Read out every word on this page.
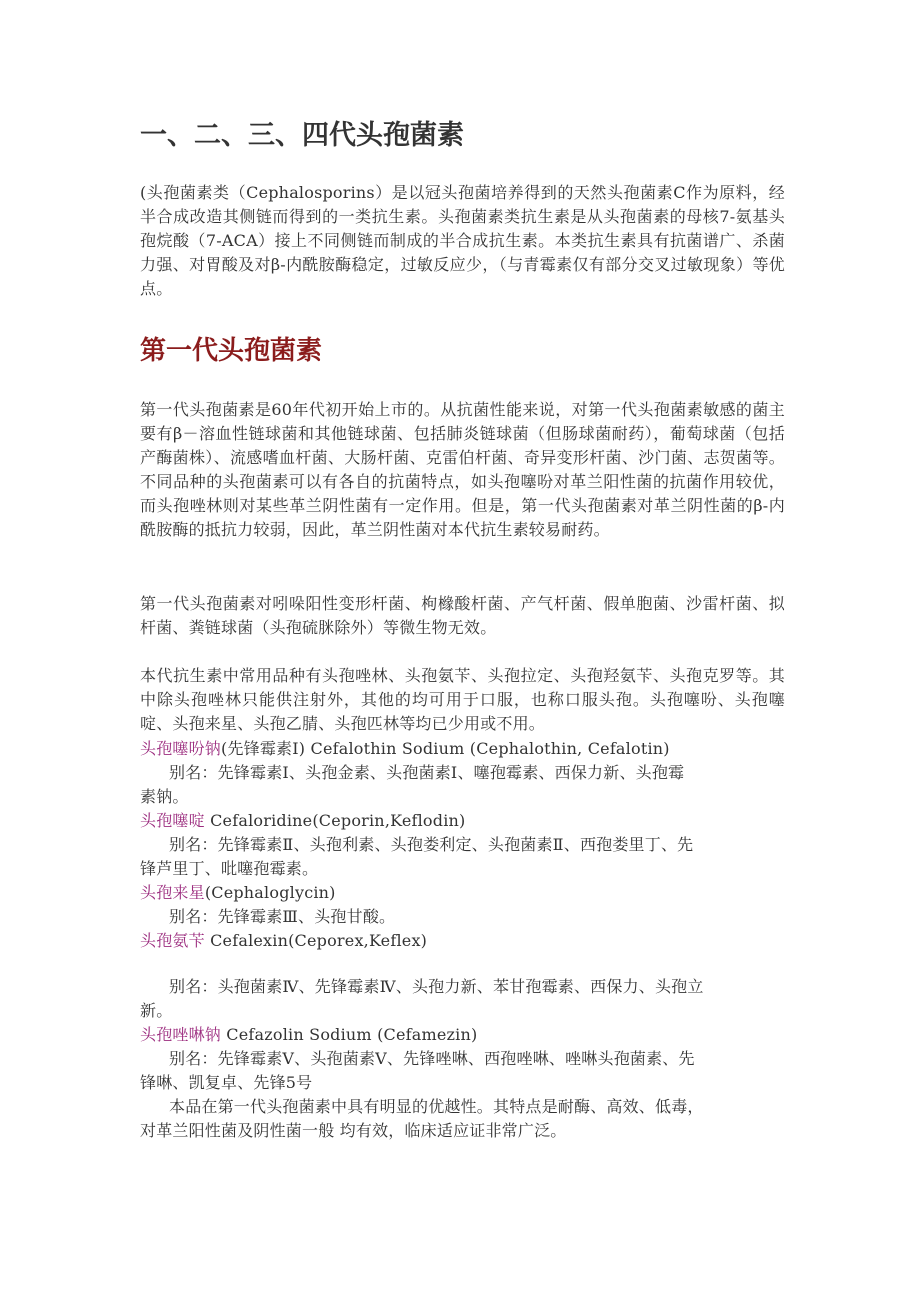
一、二、三、四代头孢菌素

(头孢菌素类（Cephalosporins）是以冠头孢菌培养得到的天然头孢菌素C作为原料，经半合成改造其侧链而得到的一类抗生素。头孢菌素类抗生素是从头孢菌素的母核7-氨基头孢烷酸（7-ACA）接上不同侧链而制成的半合成抗生素。本类抗生素具有抗菌谱广、杀菌力强、对胃酸及对β-内酰胺酶稳定，过敏反应少，（与青霉素仅有部分交叉过敏现象）等优点。

第一代头孢菌素

第一代头孢菌素是60年代初开始上市的。从抗菌性能来说，对第一代头孢菌素敏感的菌主要有β－溶血性链球菌和其他链球菌、包括肺炎链球菌（但肠球菌耐药），葡萄球菌（包括产酶菌株）、流感嗜血杆菌、大肠杆菌、克雷伯杆菌、奇异变形杆菌、沙门菌、志贺菌等。不同品种的头孢菌素可以有各自的抗菌特点，如头孢噻吩对革兰阳性菌的抗菌作用较优，而头孢唑林则对某些革兰阴性菌有一定作用。但是，第一代头孢菌素对革兰阴性菌的β-内酰胺酶的抵抗力较弱，因此，革兰阴性菌对本代抗生素较易耐药。

第一代头孢菌素对吲哚阳性变形杆菌、枸橼酸杆菌、产气杆菌、假单胞菌、沙雷杆菌、拟杆菌、粪链球菌（头孢硫脒除外）等微生物无效。

本代抗生素中常用品种有头孢唑林、头孢氨苄、头孢拉定、头孢羟氨苄、头孢克罗等。其中除头孢唑林只能供注射外，其他的均可用于口服，也称口服头孢。头孢噻吩、头孢噻啶、头孢来星、头孢乙腈、头孢匹林等均已少用或不用。

头孢噻吩钠(先锋霉素Ⅰ) Cefalothin Sodium (Cephalothin, Cefalotin)
别名：先锋霉素Ⅰ、头孢金素、头孢菌素Ⅰ、噻孢霉素、西保力新、头孢霉
素钠。
头孢噻啶 Cefaloridine(Ceporin,Keflodin)
别名：先锋霉素Ⅱ、头孢利素、头孢娄利定、头孢菌素Ⅱ、西孢娄里丁、先
锋芦里丁、吡噻孢霉素。
头孢来星(Cephaloglycin)
别名：先锋霉素Ⅲ、头孢甘酸。
头孢氨苄 Cefalexin(Ceporex,Keflex)
别名：头孢菌素Ⅳ、先锋霉素Ⅳ、头孢力新、苯甘孢霉素、西保力、头孢立
新。
头孢唑啉钠 Cefazolin Sodium (Cefamezin)
别名：先锋霉素Ⅴ、头孢菌素Ⅴ、先锋唑啉、西孢唑啉、唑啉头孢菌素、先
锋啉、凯复卓、先锋5号
本品在第一代头孢菌素中具有明显的优越性。其特点是耐酶、高效、低毒，
对革兰阳性菌及阴性菌一般 均有效，临床适应证非常广泛。
